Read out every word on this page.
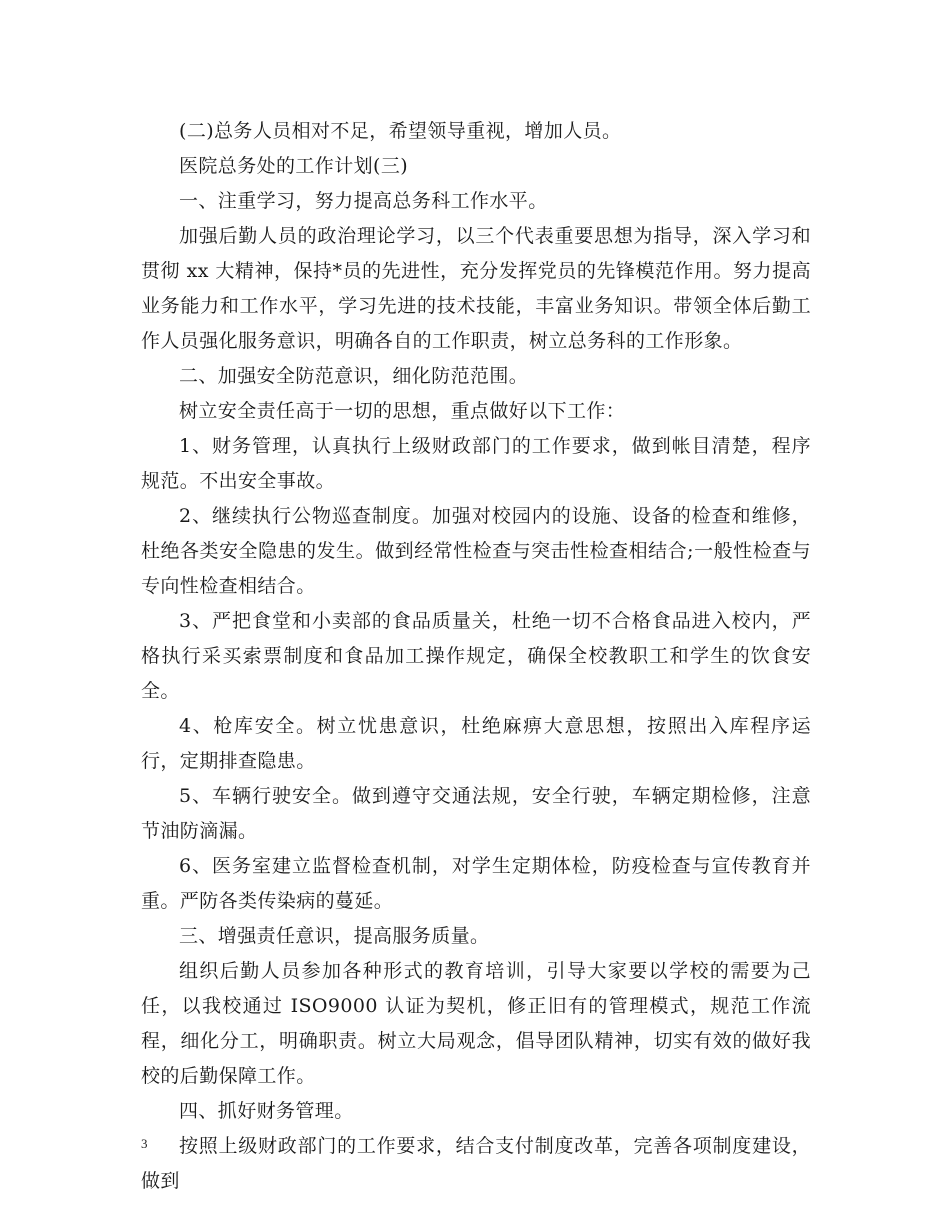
(二)总务人员相对不足，希望领导重视，增加人员。

医院总务处的工作计划(三)

一、注重学习，努力提高总务科工作水平。

加强后勤人员的政治理论学习，以三个代表重要思想为指导，深入学习和贯彻 xx 大精神，保持*员的先进性，充分发挥党员的先锋模范作用。努力提高业务能力和工作水平，学习先进的技术技能，丰富业务知识。带领全体后勤工作人员强化服务意识，明确各自的工作职责，树立总务科的工作形象。

二、加强安全防范意识，细化防范范围。

树立安全责任高于一切的思想，重点做好以下工作：

1、财务管理，认真执行上级财政部门的工作要求，做到帐目清楚，程序规范。不出安全事故。

2、继续执行公物巡查制度。加强对校园内的设施、设备的检查和维修，杜绝各类安全隐患的发生。做到经常性检查与突击性检查相结合;一般性检查与专向性检查相结合。

3、严把食堂和小卖部的食品质量关，杜绝一切不合格食品进入校内，严格执行采买索票制度和食品加工操作规定，确保全校教职工和学生的饮食安全。

4、枪库安全。树立忧患意识，杜绝麻痹大意思想，按照出入库程序运行，定期排查隐患。

5、车辆行驶安全。做到遵守交通法规，安全行驶，车辆定期检修，注意节油防滴漏。

6、医务室建立监督检查机制，对学生定期体检，防疫检查与宣传教育并重。严防各类传染病的蔓延。

三、增强责任意识，提高服务质量。

组织后勤人员参加各种形式的教育培训，引导大家要以学校的需要为己任，以我校通过 ISO9000 认证为契机，修正旧有的管理模式，规范工作流程，细化分工，明确职责。树立大局观念，倡导团队精神，切实有效的做好我校的后勤保障工作。

四、抓好财务管理。

按照上级财政部门的工作要求，结合支付制度改革，完善各项制度建设，做到

3
